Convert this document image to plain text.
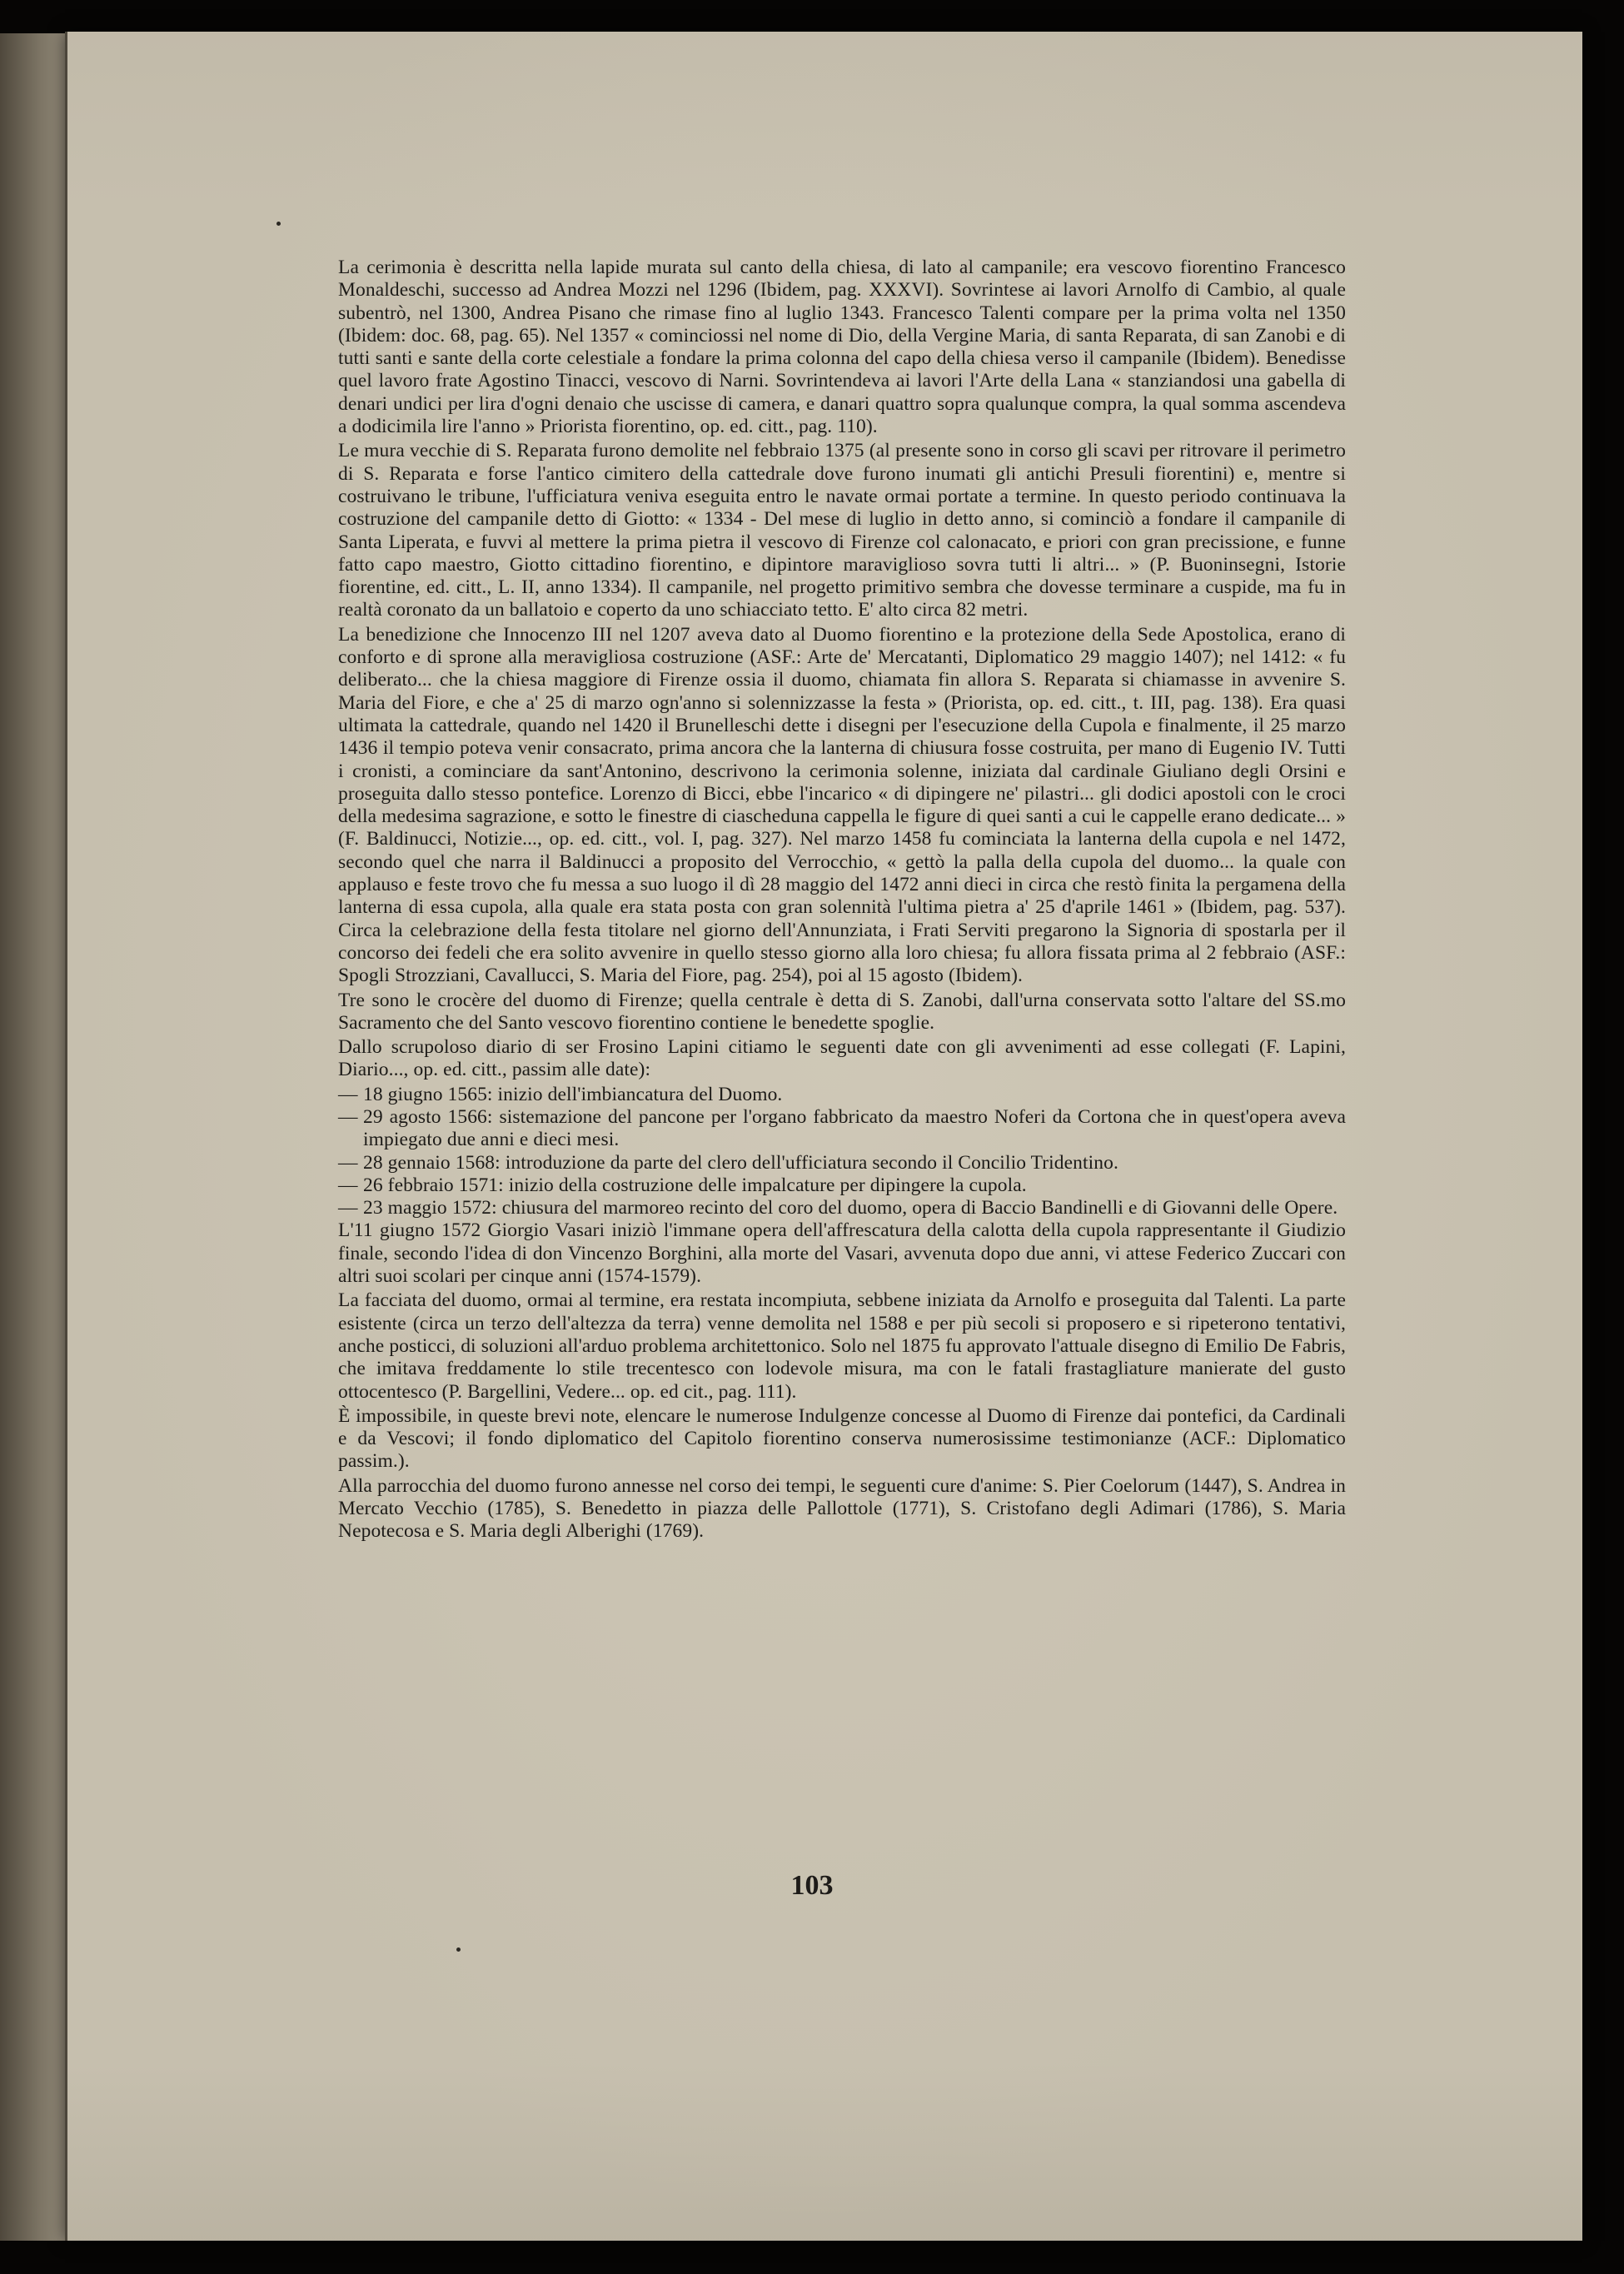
La cerimonia è descritta nella lapide murata sul canto della chiesa, di lato al campanile; era vescovo fiorentino Francesco Monaldeschi, successo ad Andrea Mozzi nel 1296 (Ibidem, pag. XXXVI). Sovrintese ai lavori Arnolfo di Cambio, al quale subentrò, nel 1300, Andrea Pisano che rimase fino al luglio 1343. Francesco Talenti compare per la prima volta nel 1350 (Ibidem: doc. 68, pag. 65). Nel 1357 « cominciossi nel nome di Dio, della Vergine Maria, di santa Reparata, di san Zanobi e di tutti santi e sante della corte celestiale a fondare la prima colonna del capo della chiesa verso il campanile (Ibidem). Benedisse quel lavoro frate Agostino Tinacci, vescovo di Narni. Sovrintendeva ai lavori l'Arte della Lana « stanziandosi una gabella di denari undici per lira d'ogni denaio che uscisse di camera, e danari quattro sopra qualunque compra, la qual somma ascendeva a dodicimila lire l'anno » Priorista fiorentino, op. ed. citt., pag. 110).

Le mura vecchie di S. Reparata furono demolite nel febbraio 1375 (al presente sono in corso gli scavi per ritrovare il perimetro di S. Reparata e forse l'antico cimitero della cattedrale dove furono inumati gli antichi Presuli fiorentini) e, mentre si costruivano le tribune, l'ufficiatura veniva eseguita entro le navate ormai portate a termine. In questo periodo continuava la costruzione del campanile detto di Giotto: « 1334 - Del mese di luglio in detto anno, si cominciò a fondare il campanile di Santa Liperata, e fuvvi al mettere la prima pietra il vescovo di Firenze col calonacato, e priori con gran precissione, e funne fatto capo maestro, Giotto cittadino fiorentino, e dipintore maraviglioso sovra tutti li altri... » (P. Buoninsegni, Istorie fiorentine, ed. citt., L. II, anno 1334). Il campanile, nel progetto primitivo sembra che dovesse terminare a cuspide, ma fu in realtà coronato da un ballatoio e coperto da uno schiacciato tetto. E' alto circa 82 metri.

La benedizione che Innocenzo III nel 1207 aveva dato al Duomo fiorentino e la protezione della Sede Apostolica, erano di conforto e di sprone alla meravigliosa costruzione (ASF.: Arte de' Mercatanti, Diplomatico 29 maggio 1407); nel 1412: « fu deliberato... che la chiesa maggiore di Firenze ossia il duomo, chiamata fin allora S. Reparata si chiamasse in avvenire S. Maria del Fiore, e che a' 25 di marzo ogn'anno si solennizzasse la festa » (Priorista, op. ed. citt., t. III, pag. 138). Era quasi ultimata la cattedrale, quando nel 1420 il Brunelleschi dette i disegni per l'esecuzione della Cupola e finalmente, il 25 marzo 1436 il tempio poteva venir consacrato, prima ancora che la lanterna di chiusura fosse costruita, per mano di Eugenio IV. Tutti i cronisti, a cominciare da sant'Antonino, descrivono la cerimonia solenne, iniziata dal cardinale Giuliano degli Orsini e proseguita dallo stesso pontefice. Lorenzo di Bicci, ebbe l'incarico « di dipingere ne' pilastri... gli dodici apostoli con le croci della medesima sagrazione, e sotto le finestre di ciascheduna cappella le figure di quei santi a cui le cappelle erano dedicate... » (F. Baldinucci, Notizie..., op. ed. citt., vol. I, pag. 327). Nel marzo 1458 fu cominciata la lanterna della cupola e nel 1472, secondo quel che narra il Baldinucci a proposito del Verrocchio, « gettò la palla della cupola del duomo... la quale con applauso e feste trovo che fu messa a suo luogo il dì 28 maggio del 1472 anni dieci in circa che restò finita la pergamena della lanterna di essa cupola, alla quale era stata posta con gran solennità l'ultima pietra a' 25 d'aprile 1461 » (Ibidem, pag. 537). Circa la celebrazione della festa titolare nel giorno dell'Annunziata, i Frati Serviti pregarono la Signoria di spostarla per il concorso dei fedeli che era solito avvenire in quello stesso giorno alla loro chiesa; fu allora fissata prima al 2 febbraio (ASF.: Spogli Strozziani, Cavallucci, S. Maria del Fiore, pag. 254), poi al 15 agosto (Ibidem).

Tre sono le crocère del duomo di Firenze; quella centrale è detta di S. Zanobi, dall'urna conservata sotto l'altare del SS.mo Sacramento che del Santo vescovo fiorentino contiene le benedette spoglie.

Dallo scrupoloso diario di ser Frosino Lapini citiamo le seguenti date con gli avvenimenti ad esse collegati (F. Lapini, Diario..., op. ed. citt., passim alle date):

— 18 giugno 1565: inizio dell'imbiancatura del Duomo.
— 29 agosto 1566: sistemazione del pancone per l'organo fabbricato da maestro Noferi da Cortona che in quest'opera aveva impiegato due anni e dieci mesi.
— 28 gennaio 1568: introduzione da parte del clero dell'ufficiatura secondo il Concilio Tridentino.
— 26 febbraio 1571: inizio della costruzione delle impalcature per dipingere la cupola.
— 23 maggio 1572: chiusura del marmoreo recinto del coro del duomo, opera di Baccio Bandinelli e di Giovanni delle Opere.

L'11 giugno 1572 Giorgio Vasari iniziò l'immane opera dell'affrescatura della calotta della cupola rappresentante il Giudizio finale, secondo l'idea di don Vincenzo Borghini, alla morte del Vasari, avvenuta dopo due anni, vi attese Federico Zuccari con altri suoi scolari per cinque anni (1574-1579).

La facciata del duomo, ormai al termine, era restata incompiuta, sebbene iniziata da Arnolfo e proseguita dal Talenti. La parte esistente (circa un terzo dell'altezza da terra) venne demolita nel 1588 e per più secoli si proposero e si ripeterono tentativi, anche posticci, di soluzioni all'arduo problema architettonico. Solo nel 1875 fu approvato l'attuale disegno di Emilio De Fabris, che imitava freddamente lo stile trecentesco con lodevole misura, ma con le fatali frastagliature manierate del gusto ottocentesco (P. Bargellini, Vedere... op. ed cit., pag. 111).

È impossibile, in queste brevi note, elencare le numerose Indulgenze concesse al Duomo di Firenze dai pontefici, da Cardinali e da Vescovi; il fondo diplomatico del Capitolo fiorentino conserva numerosissime testimonianze (ACF.: Diplomatico passim.).

Alla parrocchia del duomo furono annesse nel corso dei tempi, le seguenti cure d'anime: S. Pier Coelorum (1447), S. Andrea in Mercato Vecchio (1785), S. Benedetto in piazza delle Pallottole (1771), S. Cristofano degli Adimari (1786), S. Maria Nepotecosa e S. Maria degli Alberighi (1769).

103
